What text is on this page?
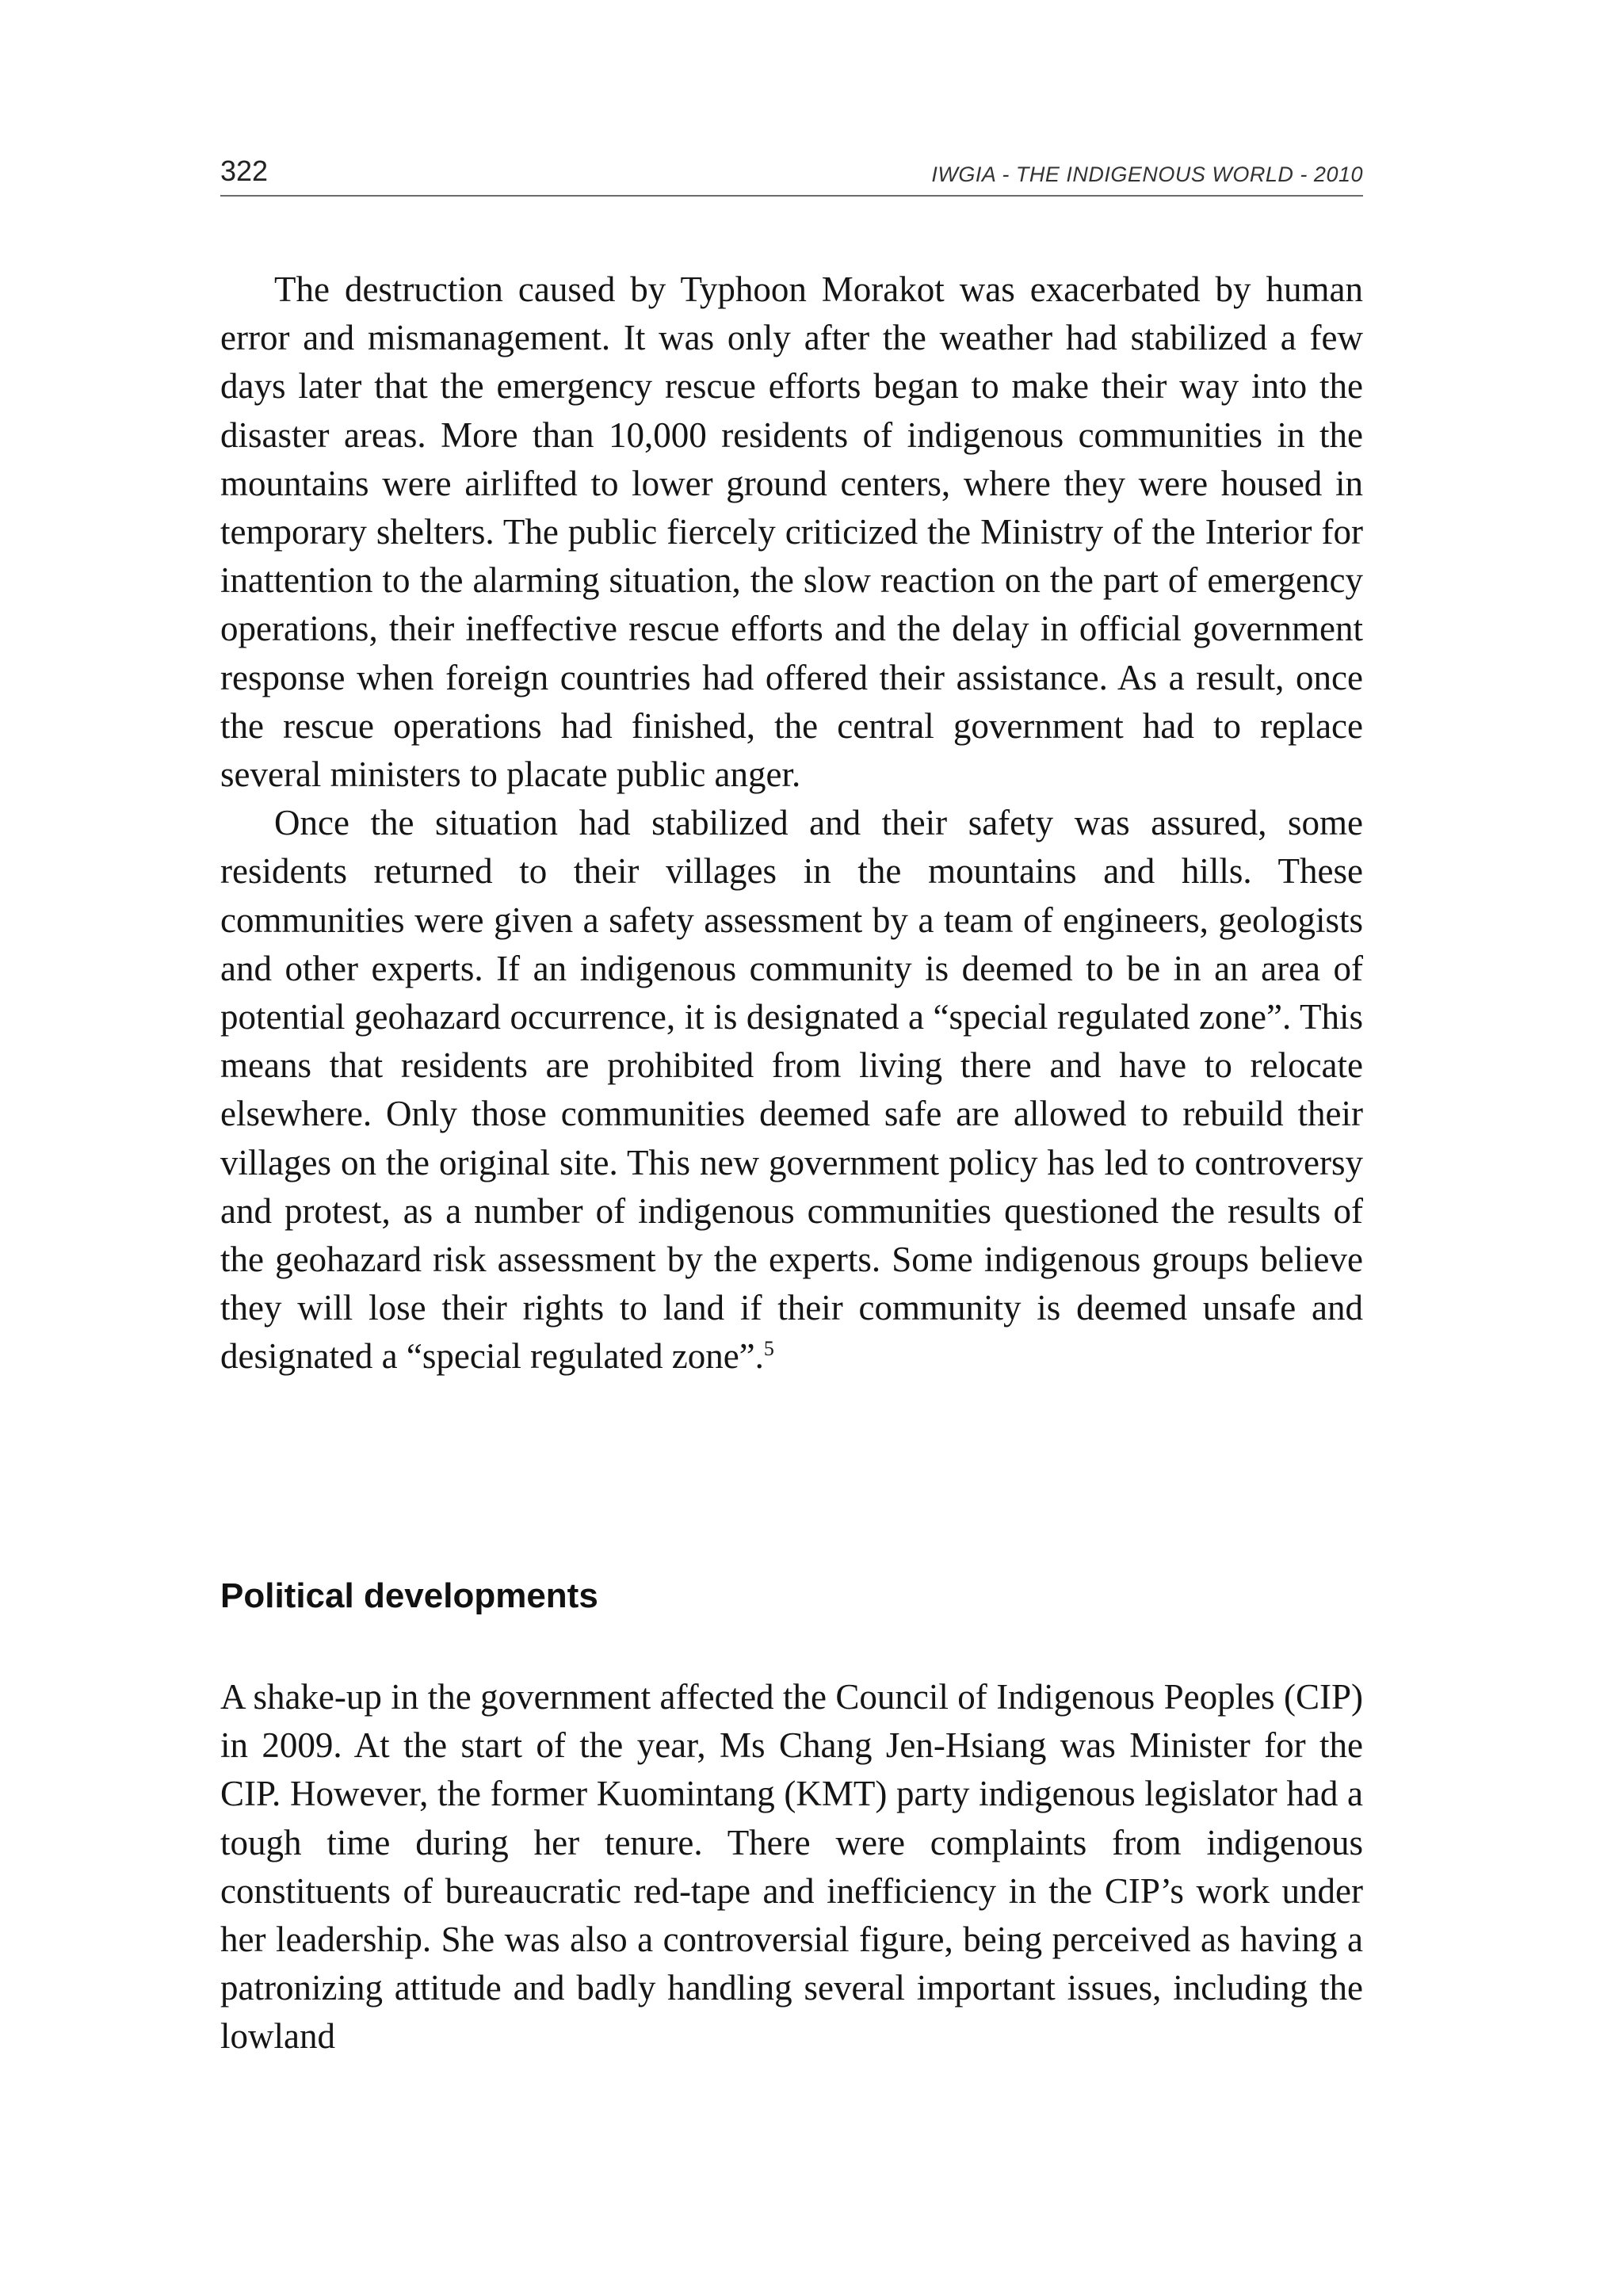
322	IWGIA - THE INDIGENOUS WORLD - 2010

The destruction caused by Typhoon Morakot was exacerbated by human error and mismanagement. It was only after the weather had stabilized a few days later that the emergency rescue efforts began to make their way into the disaster areas. More than 10,000 residents of indigenous communities in the mountains were airlifted to lower ground centers, where they were housed in temporary shelters. The public fiercely criticized the Ministry of the Interior for inattention to the alarming situation, the slow reaction on the part of emergency operations, their ineffective rescue efforts and the delay in official government response when foreign countries had offered their assistance. As a result, once the rescue operations had finished, the central government had to replace several ministers to placate public anger.

Once the situation had stabilized and their safety was assured, some residents returned to their villages in the mountains and hills. These communities were given a safety assessment by a team of engineers, geologists and other experts. If an indigenous community is deemed to be in an area of potential geohazard occurrence, it is designated a “special regulated zone”. This means that residents are prohibited from living there and have to relocate elsewhere. Only those communities deemed safe are allowed to rebuild their villages on the original site. This new government policy has led to controversy and protest, as a number of indigenous communities questioned the results of the geohazard risk assessment by the experts. Some indigenous groups believe they will lose their rights to land if their community is deemed unsafe and designated a “special regulated zone”.$^5$

Political developments

A shake-up in the government affected the Council of Indigenous Peoples (CIP) in 2009. At the start of the year, Ms Chang Jen-Hsiang was Minister for the CIP. However, the former Kuomintang (KMT) party indigenous legislator had a tough time during her tenure. There were complaints from indigenous constituents of bureaucratic red-tape and inefficiency in the CIP’s work under her leadership. She was also a controversial figure, being perceived as having a patronizing attitude and badly handling several important issues, including the lowland
